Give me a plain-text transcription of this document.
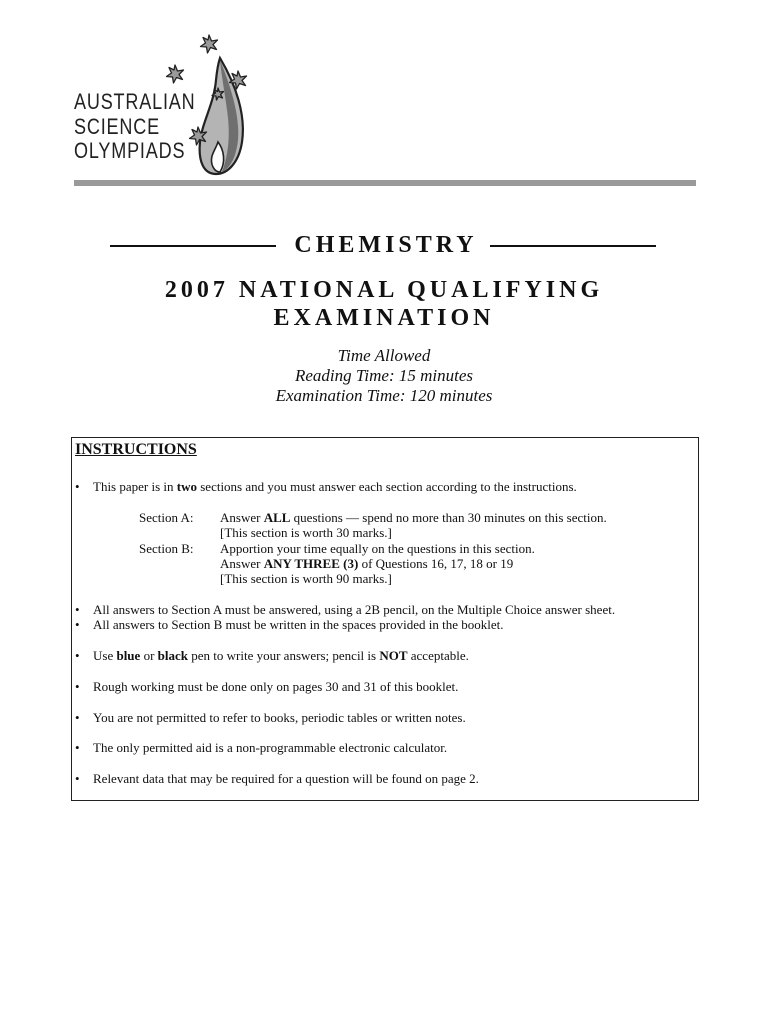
AUSTRALIAN
SCIENCE
OLYMPIADS
CHEMISTRY
2007 NATIONAL QUALIFYING
EXAMINATION
Time Allowed
Reading Time: 15 minutes
Examination Time: 120 minutes
INSTRUCTIONS
• This paper is in two sections and you must answer each section according to the instructions.
Section A: Answer ALL questions — spend no more than 30 minutes on this section.
[This section is worth 30 marks.]
Section B: Apportion your time equally on the questions in this section.
Answer ANY THREE (3) of Questions 16, 17, 18 or 19
[This section is worth 90 marks.]
• All answers to Section A must be answered, using a 2B pencil, on the Multiple Choice answer sheet.
• All answers to Section B must be written in the spaces provided in the booklet.
• Use blue or black pen to write your answers; pencil is NOT acceptable.
• Rough working must be done only on pages 30 and 31 of this booklet.
• You are not permitted to refer to books, periodic tables or written notes.
• The only permitted aid is a non-programmable electronic calculator.
• Relevant data that may be required for a question will be found on page 2.
